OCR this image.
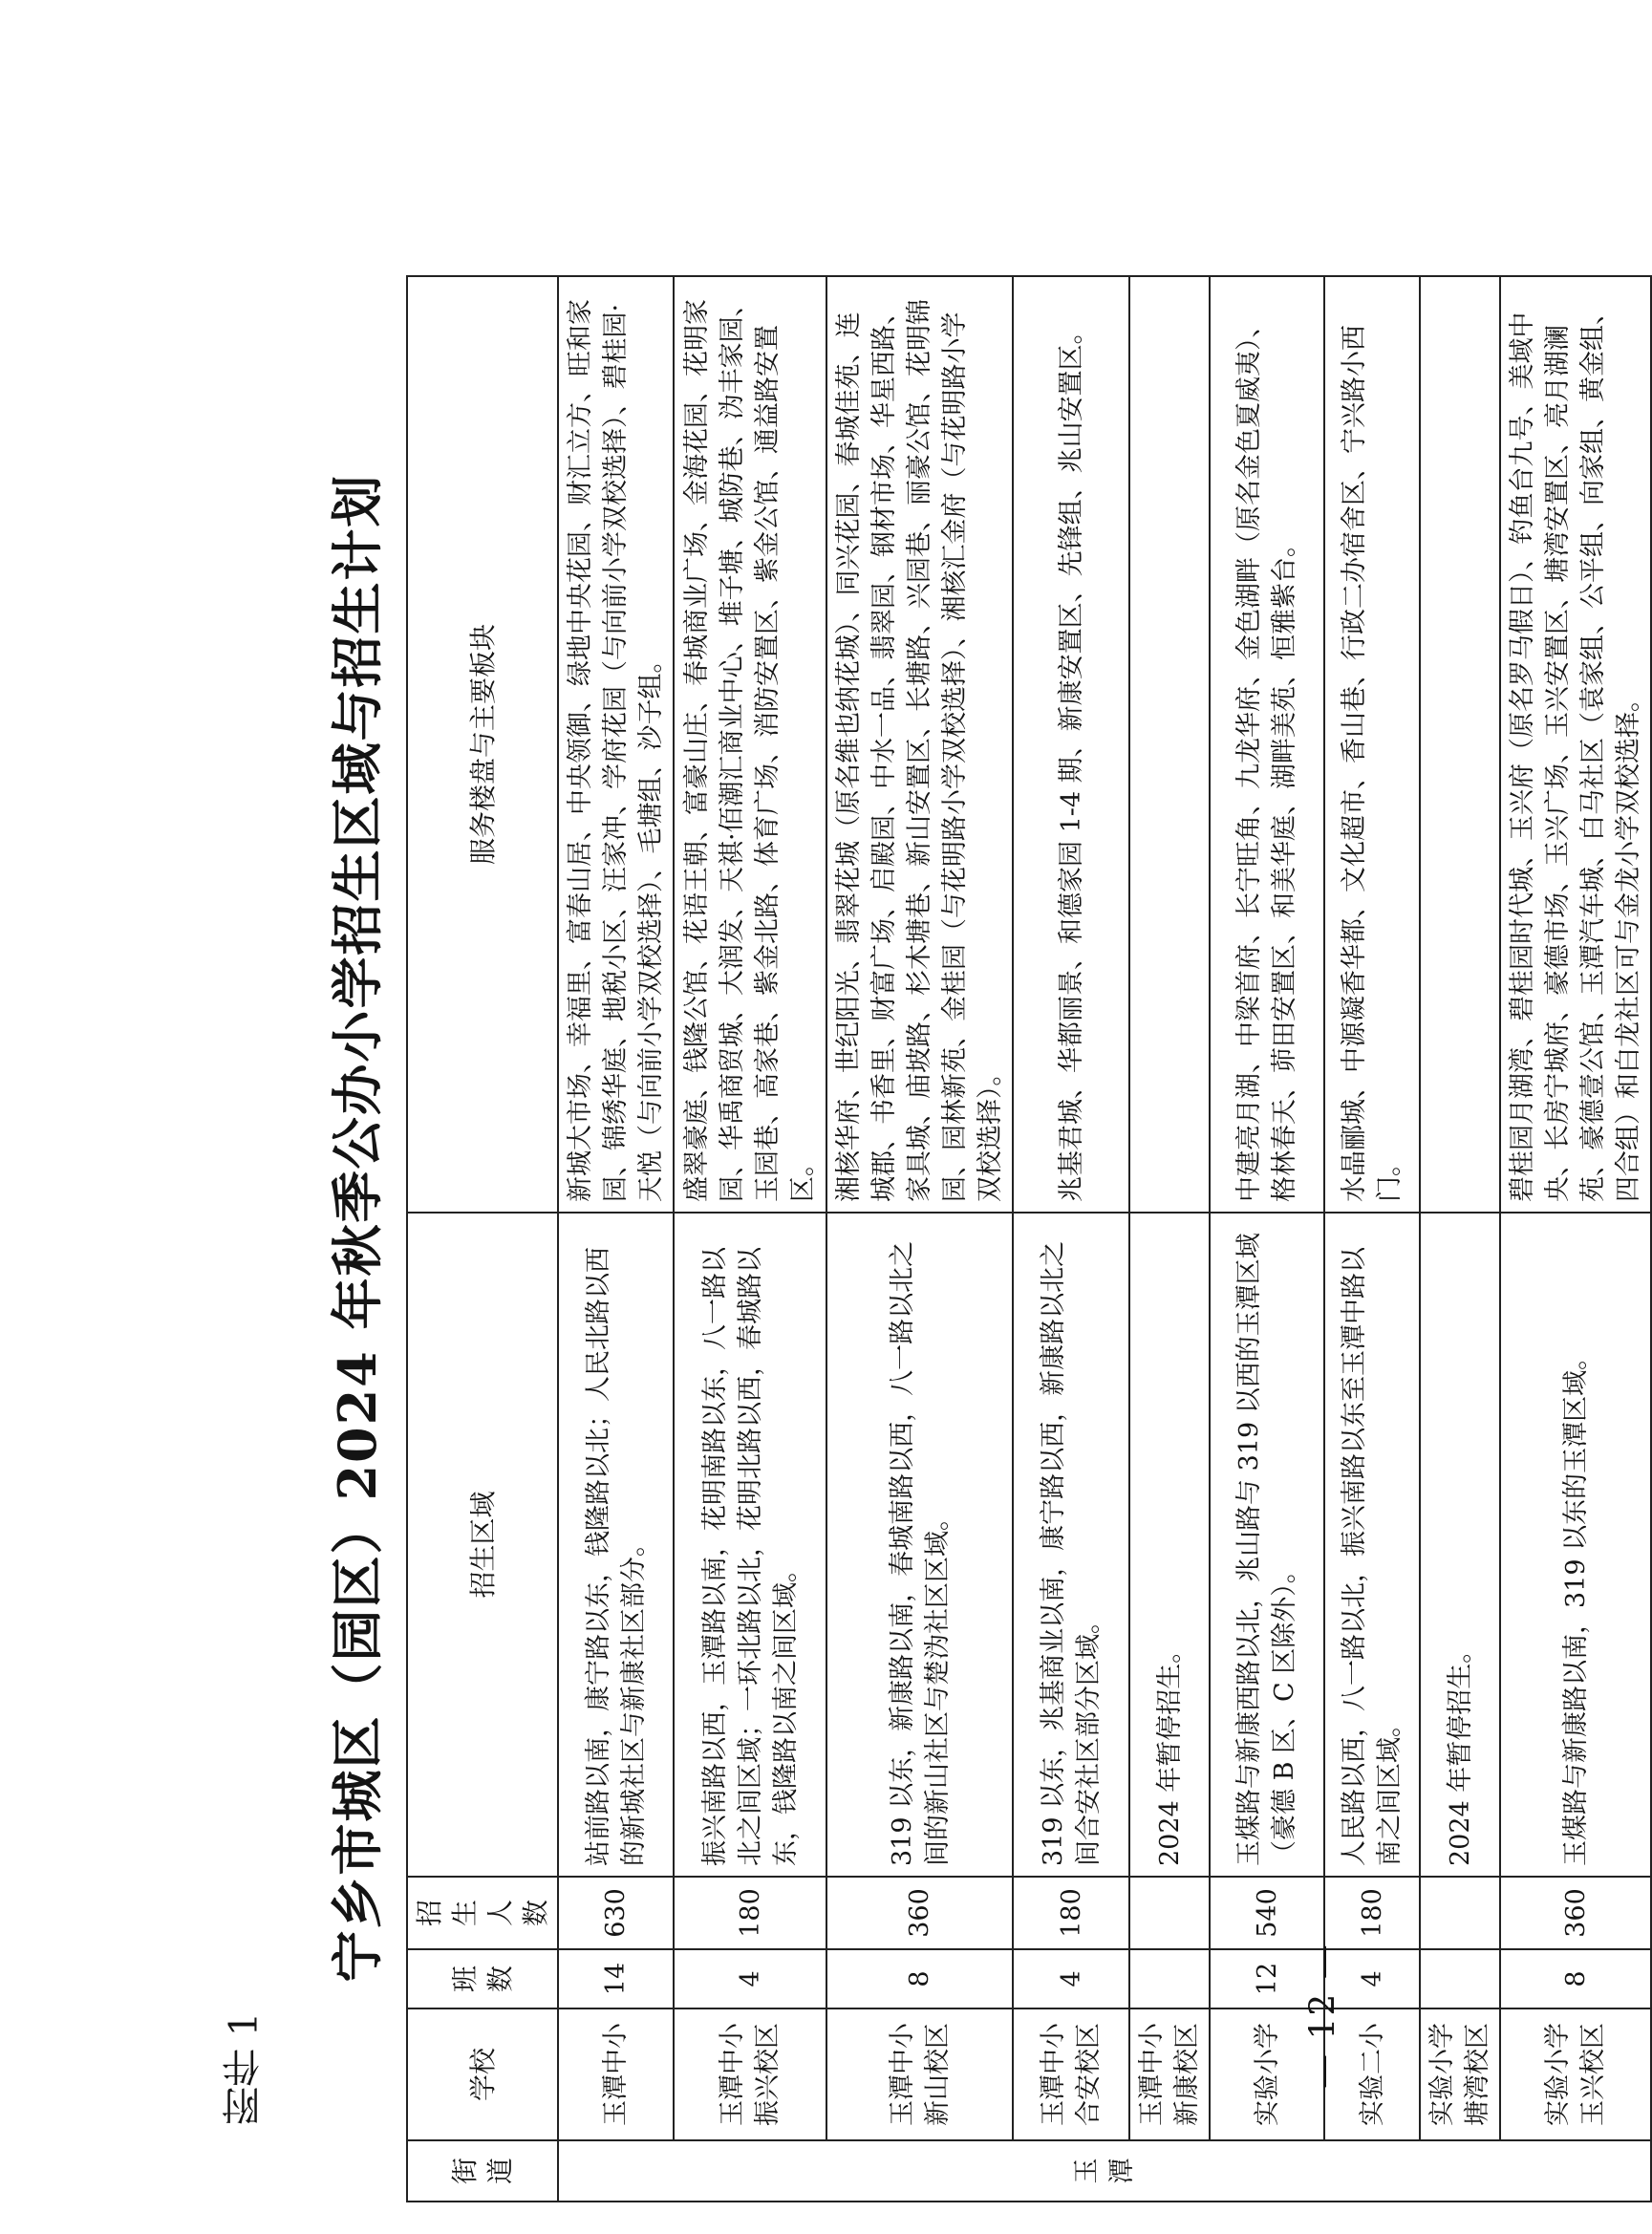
附件 1
宁乡市城区（园区）2024 年秋季公办小学招生区域与招生计划
街道	学校	班数	招生人数	招生区域	服务楼盘与主要板块
玉潭	玉潭中小	14	630	站前路以南，康宁路以东，钱隆路以北；人民北路以西的新城社区与新康社区部分。	新城大市场、幸福里、富春山居、中央领御、绿地中央花园、财汇立方、旺和家园、锦绣华庭、地税小区、汪家冲、学府花园（与向前小学双校选择）、碧桂园·天悦（与向前小学双校选择）、毛塘组、沙子组。
	玉潭中小振兴校区	4	180	振兴南路以西，玉潭路以南，花明南路以东，八一路以北之间区域；一环北路以北，花明北路以西，春城路以东，钱隆路以南之间区域。	盛翠豪庭、钱隆公馆、花语王朝、富豪山庄、春城商业广场、金海花园、花明家园、华禹商贸城、大润发、天祺·佰潮汇商业中心、堆子塘、城防巷、沩丰家园、玉园巷、高家巷、紫金北路、体育广场、消防安置区、紫金公馆、通益路安置区。
	玉潭中小新山校区	8	360	319 以东，新康路以南，春城南路以西，八一路以北之间的新山社区与楚沩社区区域。	湘核华府、世纪阳光、翡翠花城（原名维也纳花城）、同兴花园、春城佳苑、连城郡、书香里、财富广场、启殿园、中水一品、翡翠园、钢材市场、华星西路、家具城、庙坡路、杉木塘巷、新山安置区、长塘路、兴园巷、丽豪公馆、花明锦园、园林新苑、金桂园（与花明路小学双校选择）、湘核汇金府（与花明路小学双校选择）。
	玉潭中小合安校区	4	180	319 以东，兆基商业以南，康宁路以西，新康路以北之间合安社区部分区域。	兆基君城、华都丽景、和德家园 1-4 期、新康安置区、先锋组、兆山安置区。
	玉潭中小新康校区			2024 年暂停招生。	
	实验小学	12	540	玉煤路与新康西路以北，兆山路与 319 以西的玉潭区域（豪德 B 区、C 区除外）。	中建亮月湖、中梁首府、长宁旺角、九龙华府、金色湖畔（原名金色夏威夷）、格林春天、茆田安置区、和美华庭、湖畔美苑、恒雅紫台。
	实验二小	4	180	人民路以西，八一路以北，振兴南路以东至玉潭中路以南之间区域。	水晶郦城、中源凝香华都、文化超市、香山巷、行政二办宿舍区、宁兴路小西门。
	实验小学塘湾校区			2024 年暂停招生。	
	实验小学玉兴校区	8	360	玉煤路与新康路以南，319 以东的玉潭区域。	碧桂园月湖湾、碧桂园时代城、玉兴府（原名罗马假日）、钓鱼台九号、美域中央、长房宁城府、豪德市场、玉兴广场、玉兴安置区、塘湾安置区、亮月湖澜苑、豪德壹公馆、玉潭汽车城、白马社区（袁家组、公平组、向家组、黄金组、四合组）和白龙社区可与金龙小学双校选择。
— 12 —
